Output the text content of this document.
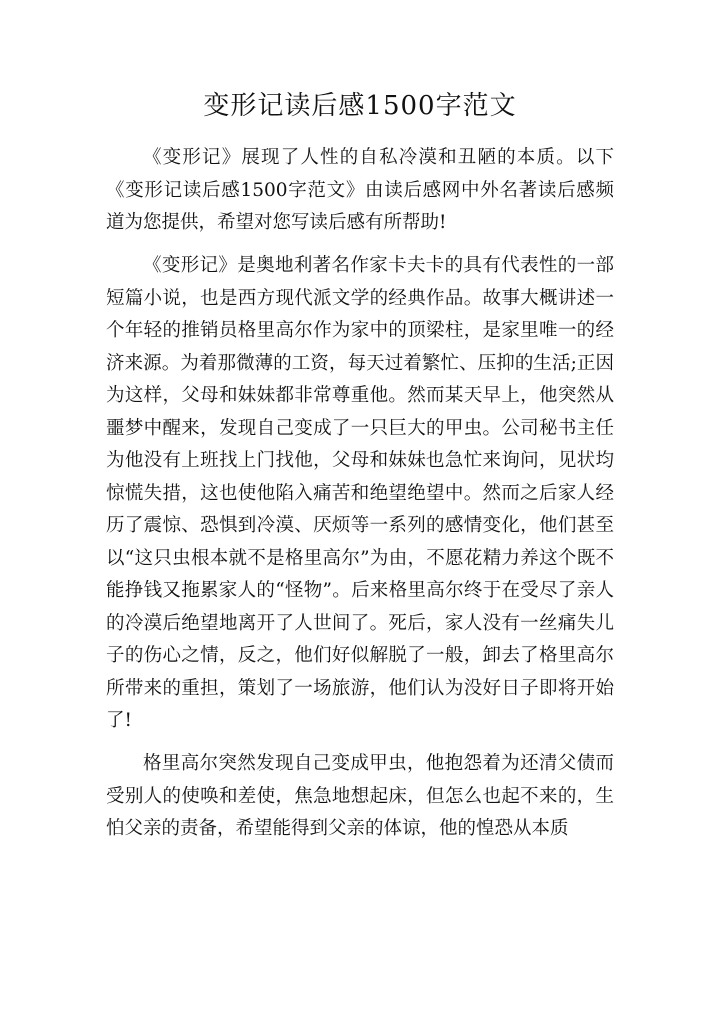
变形记读后感1500字范文

《变形记》展现了人性的自私冷漠和丑陋的本质。以下《变形记读后感1500字范文》由读后感网中外名著读后感频道为您提供，希望对您写读后感有所帮助!

《变形记》是奥地利著名作家卡夫卡的具有代表性的一部短篇小说，也是西方现代派文学的经典作品。故事大概讲述一个年轻的推销员格里高尔作为家中的顶梁柱，是家里唯一的经济来源。为着那微薄的工资，每天过着繁忙、压抑的生活;正因为这样，父母和妹妹都非常尊重他。然而某天早上，他突然从噩梦中醒来，发现自己变成了一只巨大的甲虫。公司秘书主任为他没有上班找上门找他，父母和妹妹也急忙来询问，见状均惊慌失措，这也使他陷入痛苦和绝望绝望中。然而之后家人经历了震惊、恐惧到冷漠、厌烦等一系列的感情变化，他们甚至以“这只虫根本就不是格里高尔”为由，不愿花精力养这个既不能挣钱又拖累家人的“怪物”。后来格里高尔终于在受尽了亲人的冷漠后绝望地离开了人世间了。死后，家人没有一丝痛失儿子的伤心之情，反之，他们好似解脱了一般，卸去了格里高尔所带来的重担，策划了一场旅游，他们认为没好日子即将开始了!

格里高尔突然发现自己变成甲虫，他抱怨着为还清父债而受别人的使唤和差使，焦急地想起床，但怎么也起不来的，生怕父亲的责备，希望能得到父亲的体谅，他的惶恐从本质
